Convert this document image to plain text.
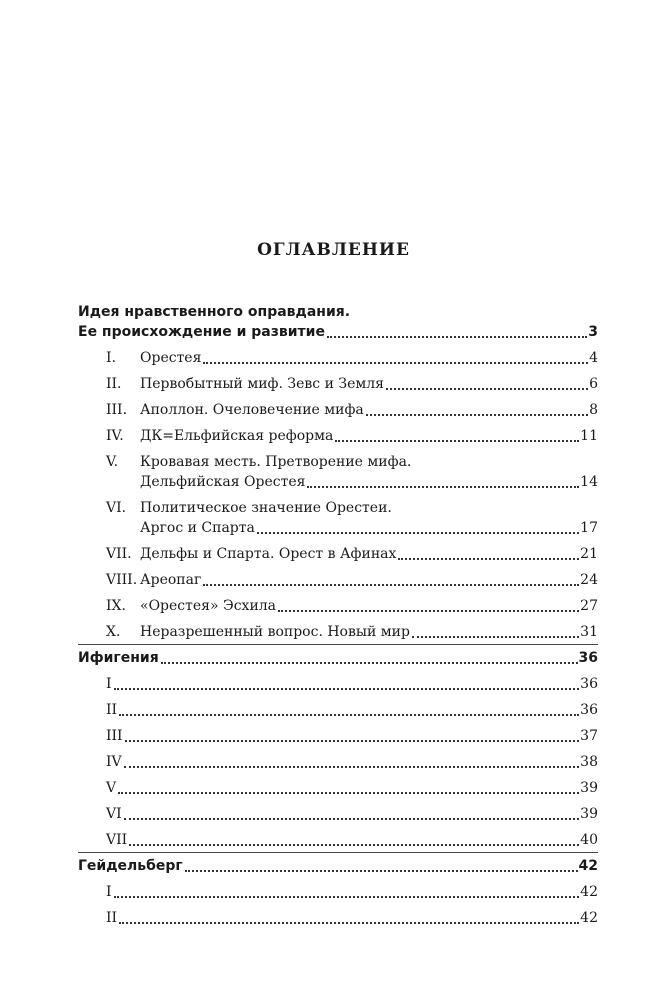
ОГЛАВЛЕНИЕ
Идея нравственного оправдания.
Ее происхождение и развитие	3
I.	Орестея	4
II.	Первобытный миф. Зевс и Земля	6
III. Аполлон. Очеловечение мифа	8
IV.	ДК=Ельфийская реформа	11
V.	Кровавая месть. Претворение мифа.
Дельфийская Орестея	14
VI. Политическое значение Орестеи.
Аргос и Спарта	17
VII. Дельфы и Спарта. Орест в Афинах	21
VIII. Ареопаг	24
IX.	«Орестея» Эсхила	27
X.	Неразрешенный вопрос. Новый мир	31
Ифигения	36
I	36
II	36
III	37
IV	38
V	39
VI	39
VII	40
Гейдельберг	42
I	42
II	42
